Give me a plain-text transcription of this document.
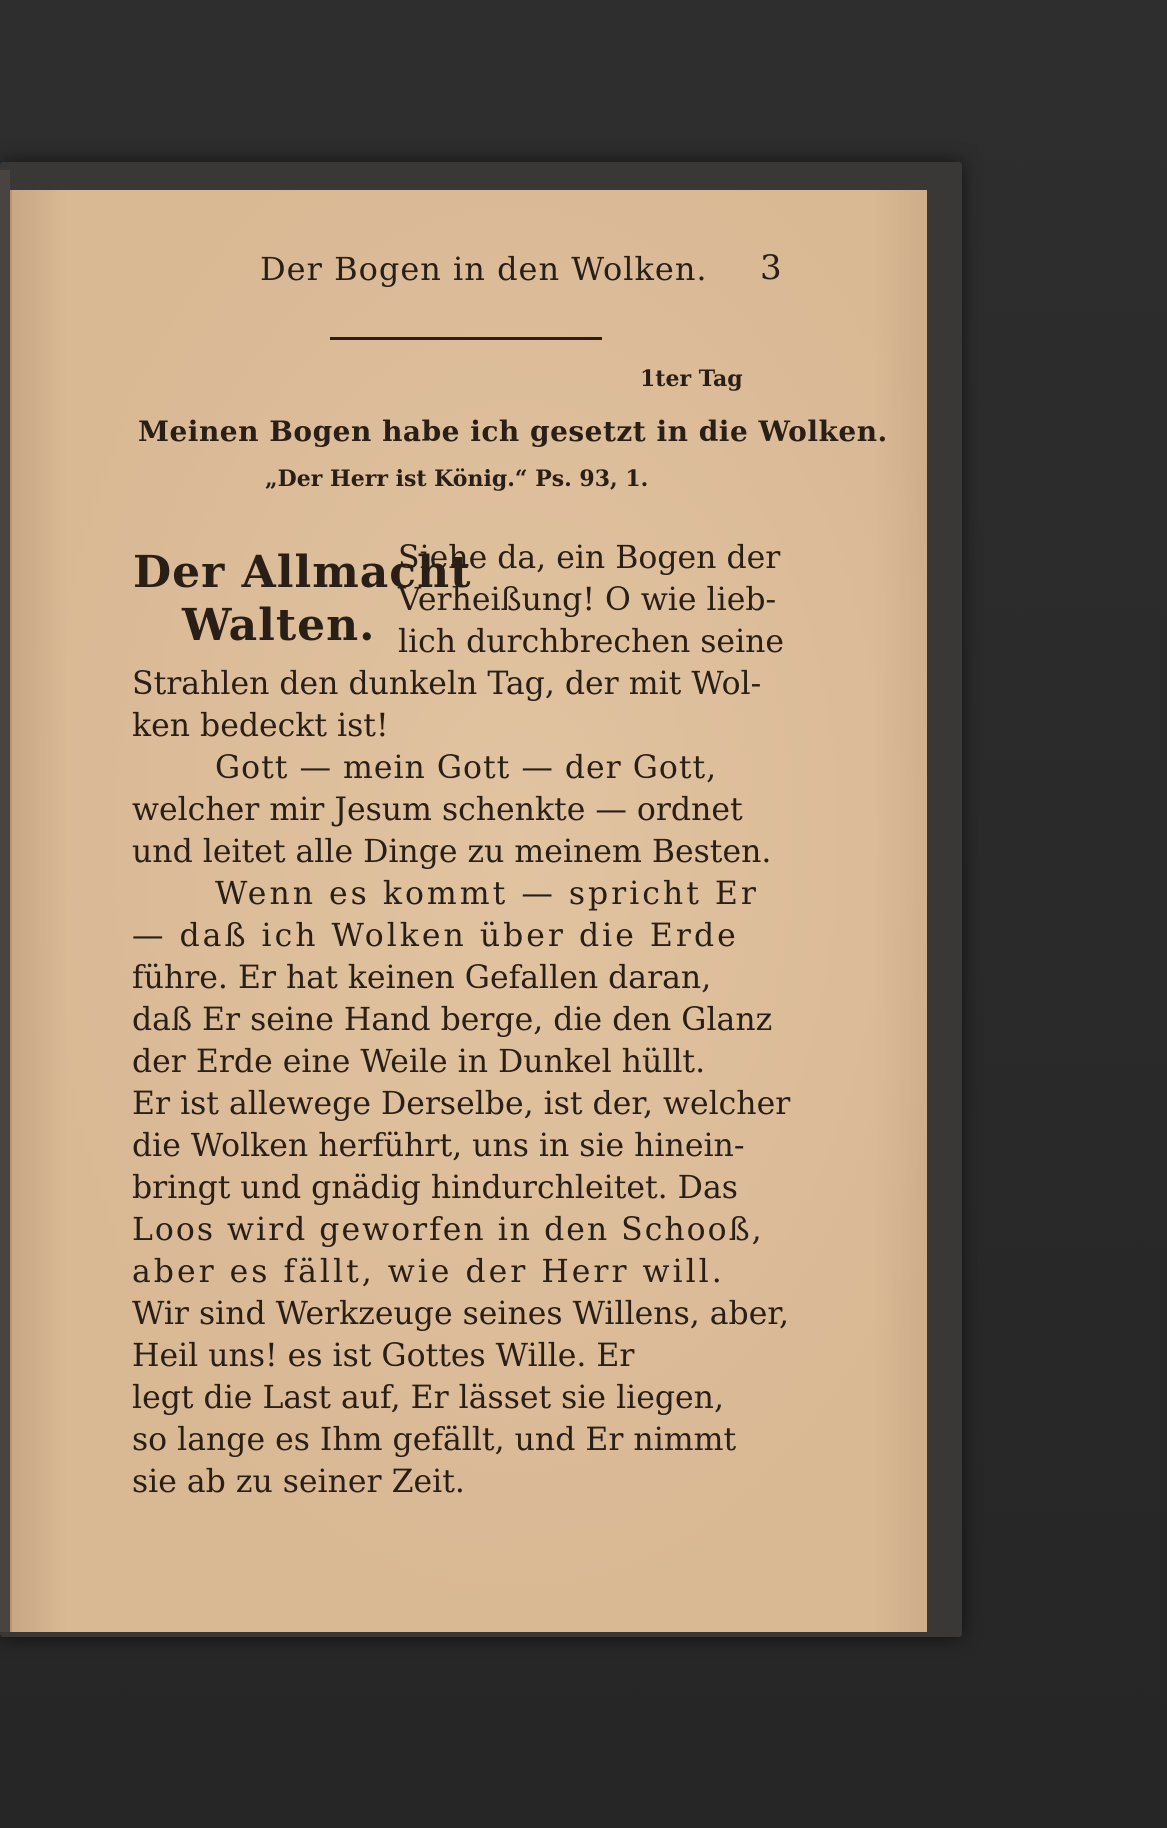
Der Bogen in den Wolken. 3
1ter Tag
Meinen Bogen habe ich gesetzt in die Wolken.
„Der Herr ist König.“ Ps. 93, 1.
Der Allmacht
Walten.
Siehe da, ein Bogen der
Verheißung! O wie lieb-
lich durchbrechen seine
Strahlen den dunkeln Tag, der mit Wol-
ken bedeckt ist!
Gott — mein Gott — der Gott,
welcher mir Jesum schenkte — ordnet
und leitet alle Dinge zu meinem Besten.
Wenn es kommt — spricht Er
— daß ich Wolken über die Erde
führe. Er hat keinen Gefallen daran,
daß Er seine Hand berge, die den Glanz
der Erde eine Weile in Dunkel hüllt.
Er ist allewege Derselbe, ist der, welcher
die Wolken herführt, uns in sie hinein-
bringt und gnädig hindurchleitet. Das
Loos wird geworfen in den Schooß,
aber es fällt, wie der Herr will.
Wir sind Werkzeuge seines Willens, aber,
Heil uns! es ist Gottes Wille. Er
legt die Last auf, Er lässet sie liegen,
so lange es Ihm gefällt, und Er nimmt
sie ab zu seiner Zeit.
